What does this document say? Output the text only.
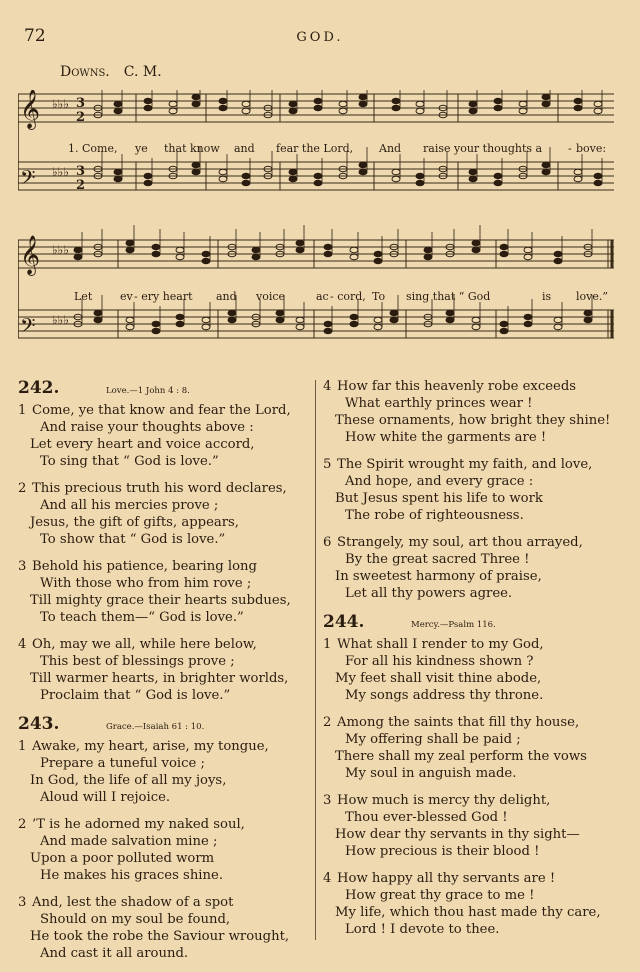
72	GOD.
Downs. C. M.
𝄞 ♭♭♭ 3
2
𝄢 ♭♭♭ 3
2
𝄞 ♭♭♭
𝄢 ♭♭♭
1. Come, ye that know and fear the Lord, And raise your thoughts a - bove:
Let	ev - ery heart and voice	ac - cord, To sing that “ God	is love.”
242.	Love.—1 John 4 : 8.
1 Come, ye that know and fear the Lord,
And raise your thoughts above :
Let every heart and voice accord,
To sing that “ God is love.”
2 This precious truth his word declares,
And all his mercies prove ;
Jesus, the gift of gifts, appears,
To show that “ God is love.”
3 Behold his patience, bearing long
With those who from him rove ;
Till mighty grace their hearts subdues,
To teach them—“ God is love.”
4 Oh, may we all, while here below,
This best of blessings prove ;
Till warmer hearts, in brighter worlds,
Proclaim that “ God is love.”
243.	Grace.—Isaiah 61 : 10.
1 Awake, my heart, arise, my tongue,
Prepare a tuneful voice ;
In God, the life of all my joys,
Aloud will I rejoice.
2 ’T is he adorned my naked soul,
And made salvation mine ;
Upon a poor polluted worm
He makes his graces shine.
3 And, lest the shadow of a spot
Should on my soul be found,
He took the robe the Saviour wrought,
And cast it all around.
4 How far this heavenly robe exceeds
What earthly princes wear !
These ornaments, how bright they shine!
How white the garments are !
5 The Spirit wrought my faith, and love,
And hope, and every grace :
But Jesus spent his life to work
The robe of righteousness.
6 Strangely, my soul, art thou arrayed,
By the great sacred Three !
In sweetest harmony of praise,
Let all thy powers agree.
244.	Mercy.—Psalm 116.
1 What shall I render to my God,
For all his kindness shown ?
My feet shall visit thine abode,
My songs address thy throne.
2 Among the saints that fill thy house,
My offering shall be paid ;
There shall my zeal perform the vows
My soul in anguish made.
3 How much is mercy thy delight,
Thou ever-blessed God !
How dear thy servants in thy sight—
How precious is their blood !
4 How happy all thy servants are !
How great thy grace to me !
My life, which thou hast made thy care,
Lord ! I devote to thee.
